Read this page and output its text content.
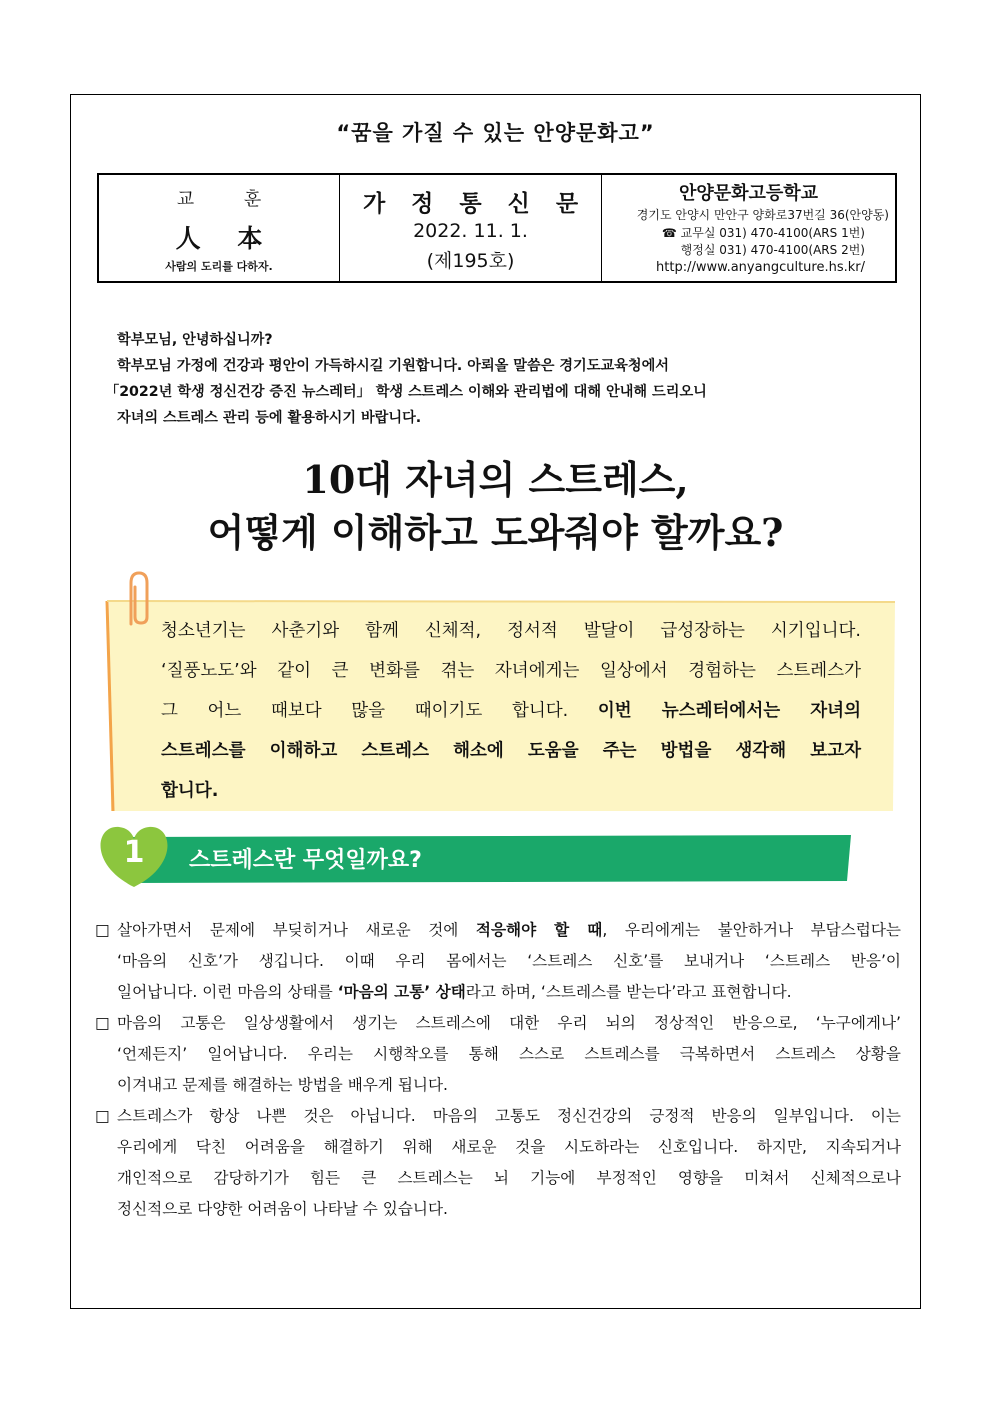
“꿈을 가질 수 있는 안양문화고”
교 훈
人 本
사람의 도리를 다하자.
가 정 통 신 문
2022. 11. 1.
(제195호)
안양문화고등학교
경기도 안양시 만안구 양화로37번길 36(안양동)
☎ 교무실 031) 470-4100(ARS 1번)
행정실 031) 470-4100(ARS 2번)
http://www.anyangculture.hs.kr/
학부모님, 안녕하십니까?
학부모님 가정에 건강과 평안이 가득하시길 기원합니다. 아뢰올 말씀은 경기도교육청에서
「2022년 학생 정신건강 증진 뉴스레터」 학생 스트레스 이해와 관리법에 대해 안내해 드리오니
자녀의 스트레스 관리 등에 활용하시기 바랍니다.
10대 자녀의 스트레스,
어떻게 이해하고 도와줘야 할까요?
청소년기는 사춘기와 함께 신체적, 정서적 발달이 급성장하는 시기입니다.
‘질풍노도’와 같이 큰 변화를 겪는 자녀에게는 일상에서 경험하는 스트레스가
그 어느 때보다 많을 때이기도 합니다. 이번 뉴스레터에서는 자녀의
스트레스를 이해하고 스트레스 해소에 도움을 주는 방법을 생각해 보고자
합니다.
1	스트레스란 무엇일까요?
□ 살아가면서 문제에 부딪히거나 새로운 것에 적응해야 할 때, 우리에게는 불안하거나 부담스럽다는
‘마음의 신호’가 생깁니다. 이때 우리 몸에서는 ‘스트레스 신호’를 보내거나 ‘스트레스 반응’이
일어납니다. 이런 마음의 상태를 ‘마음의 고통’ 상태라고 하며, ‘스트레스를 받는다’라고 표현합니다.
□ 마음의 고통은 일상생활에서 생기는 스트레스에 대한 우리 뇌의 정상적인 반응으로, ‘누구에게나’
‘언제든지’ 일어납니다. 우리는 시행착오를 통해 스스로 스트레스를 극복하면서 스트레스 상황을
이겨내고 문제를 해결하는 방법을 배우게 됩니다.
□ 스트레스가 항상 나쁜 것은 아닙니다. 마음의 고통도 정신건강의 긍정적 반응의 일부입니다. 이는
우리에게 닥친 어려움을 해결하기 위해 새로운 것을 시도하라는 신호입니다. 하지만, 지속되거나
개인적으로 감당하기가 힘든 큰 스트레스는 뇌 기능에 부정적인 영향을 미쳐서 신체적으로나
정신적으로 다양한 어려움이 나타날 수 있습니다.
